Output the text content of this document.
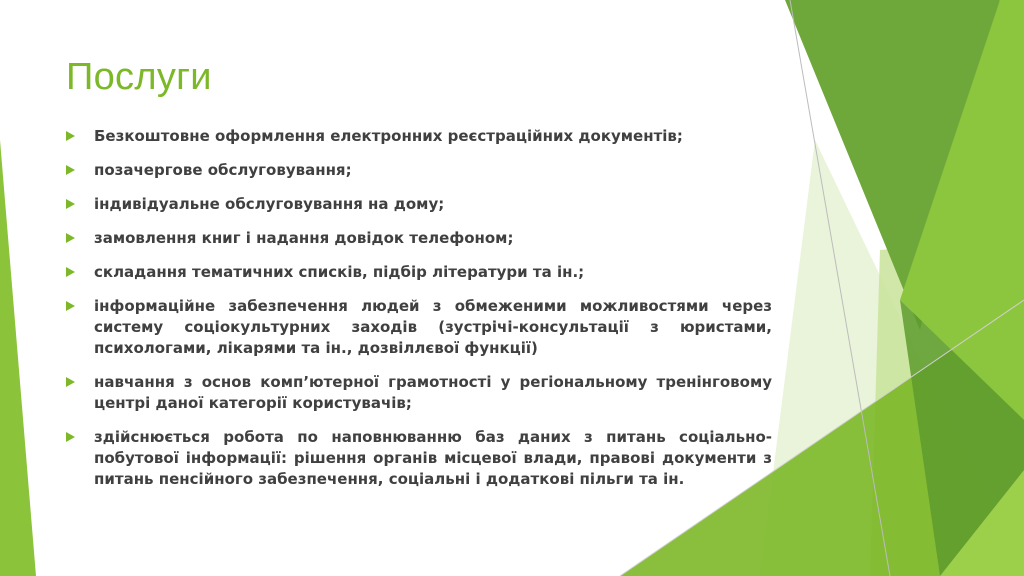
Послуги
Безкоштовне оформлення електронних реєстраційних документів;
позачергове обслуговування;
індивідуальне обслуговування на дому;
замовлення книг і надання довідок телефоном;
складання тематичних списків, підбір літератури та ін.;
інформаційне забезпечення людей з обмеженими можливостями через систему соціокультурних заходів (зустрічі-консультації з юристами, психологами, лікарями та ін., дозвіллєвої функції)
навчання з основ комп’ютерної грамотності у регіональному тренінговому центрі даної категорії користувачів;
здійснюється робота по наповнюванню баз даних з питань соціально-побутової інформації: рішення органів місцевої влади, правові документи з питань пенсійного забезпечення, соціальні і додаткові пільги та ін.
